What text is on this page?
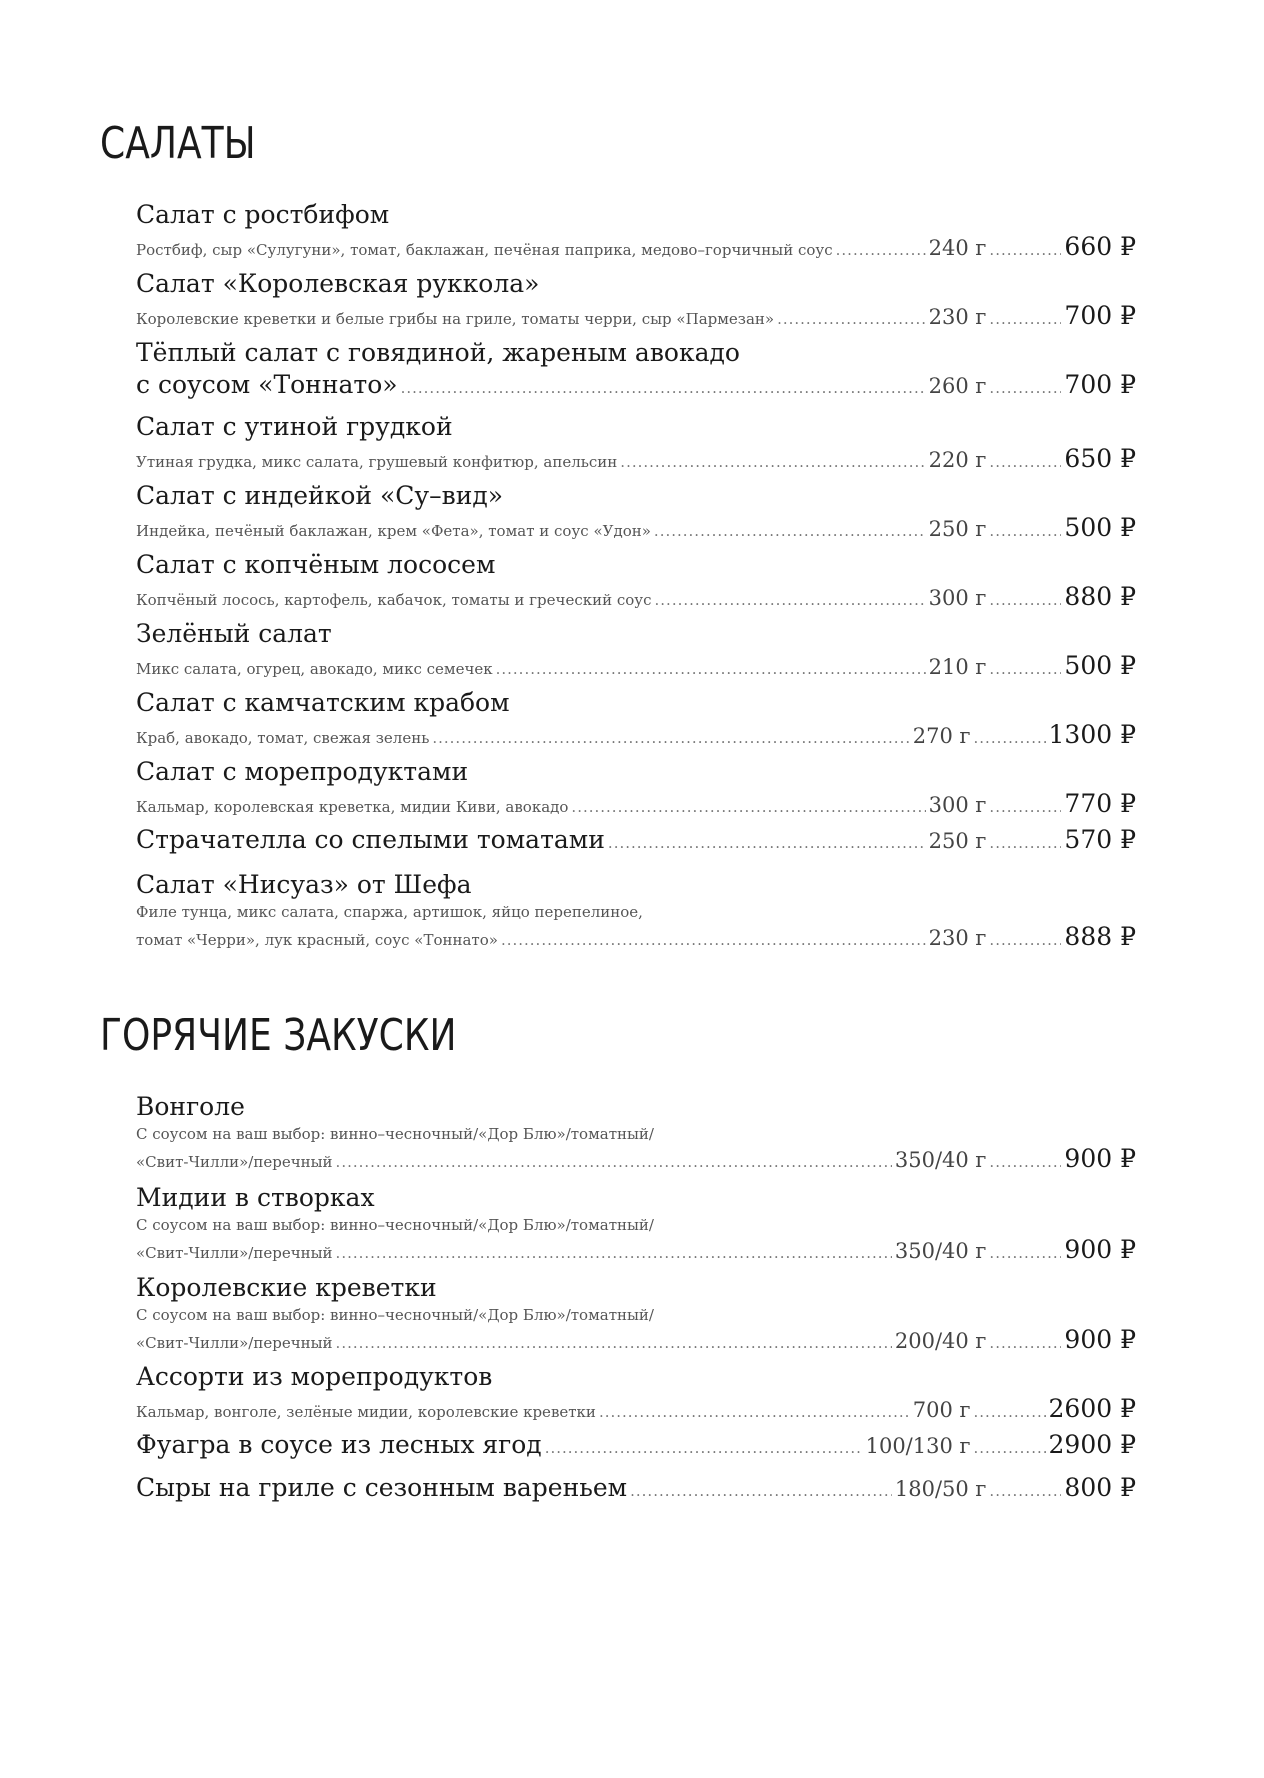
САЛАТЫ
Салат с ростбифом
Ростбиф, сыр «Сулугуни», томат, баклажан, печёная паприка, медово–горчичный соус .....	240 г .....	660 ₽
Салат «Королевская руккола»
Королевские креветки и белые грибы на гриле, томаты черри, сыр «Пармезан» .....	230 г .....	700 ₽
Тёплый салат с говядиной, жареным авокадо
с соусом «Тоннато» .....	260 г .....	700 ₽
Салат с утиной грудкой
Утиная грудка, микс салата, грушевый конфитюр, апельсин .....	220 г .....	650 ₽
Салат с индейкой «Су–вид»
Индейка, печёный баклажан, крем «Фета», томат и соус «Удон» .....	250 г .....	500 ₽
Салат с копчёным лососем
Копчёный лосось, картофель, кабачок, томаты и греческий соус .....	300 г .....	880 ₽
Зелёный салат
Микс салата, огурец, авокадо, микс семечек .....	210 г .....	500 ₽
Салат с камчатским крабом
Краб, авокадо, томат, свежая зелень .....	270 г .....	1300 ₽
Салат с морепродуктами
Кальмар, королевская креветка, мидии Киви, авокадо .....	300 г .....	770 ₽
Страчателла со спелыми томатами .....	250 г .....	570 ₽
Салат «Нисуаз» от Шефа
Филе тунца, микс салата, спаржа, артишок, яйцо перепелиное,
томат «Черри», лук красный, соус «Тоннато» .....	230 г .....	888 ₽
ГОРЯЧИЕ ЗАКУСКИ
Вонголе
С соусом на ваш выбор: винно–чесночный/«Дор Блю»/томатный/
«Свит-Чилли»/перечный .....	350/40 г .....	900 ₽
Мидии в створках
С соусом на ваш выбор: винно–чесночный/«Дор Блю»/томатный/
«Свит-Чилли»/перечный .....	350/40 г .....	900 ₽
Королевские креветки
С соусом на ваш выбор: винно–чесночный/«Дор Блю»/томатный/
«Свит-Чилли»/перечный .....	200/40 г .....	900 ₽
Ассорти из морепродуктов
Кальмар, вонголе, зелёные мидии, королевские креветки .....	700 г .....	2600 ₽
Фуагра в соусе из лесных ягод .....	100/130 г .....	2900 ₽
Сыры на гриле с сезонным вареньем .....	180/50 г .....	800 ₽
